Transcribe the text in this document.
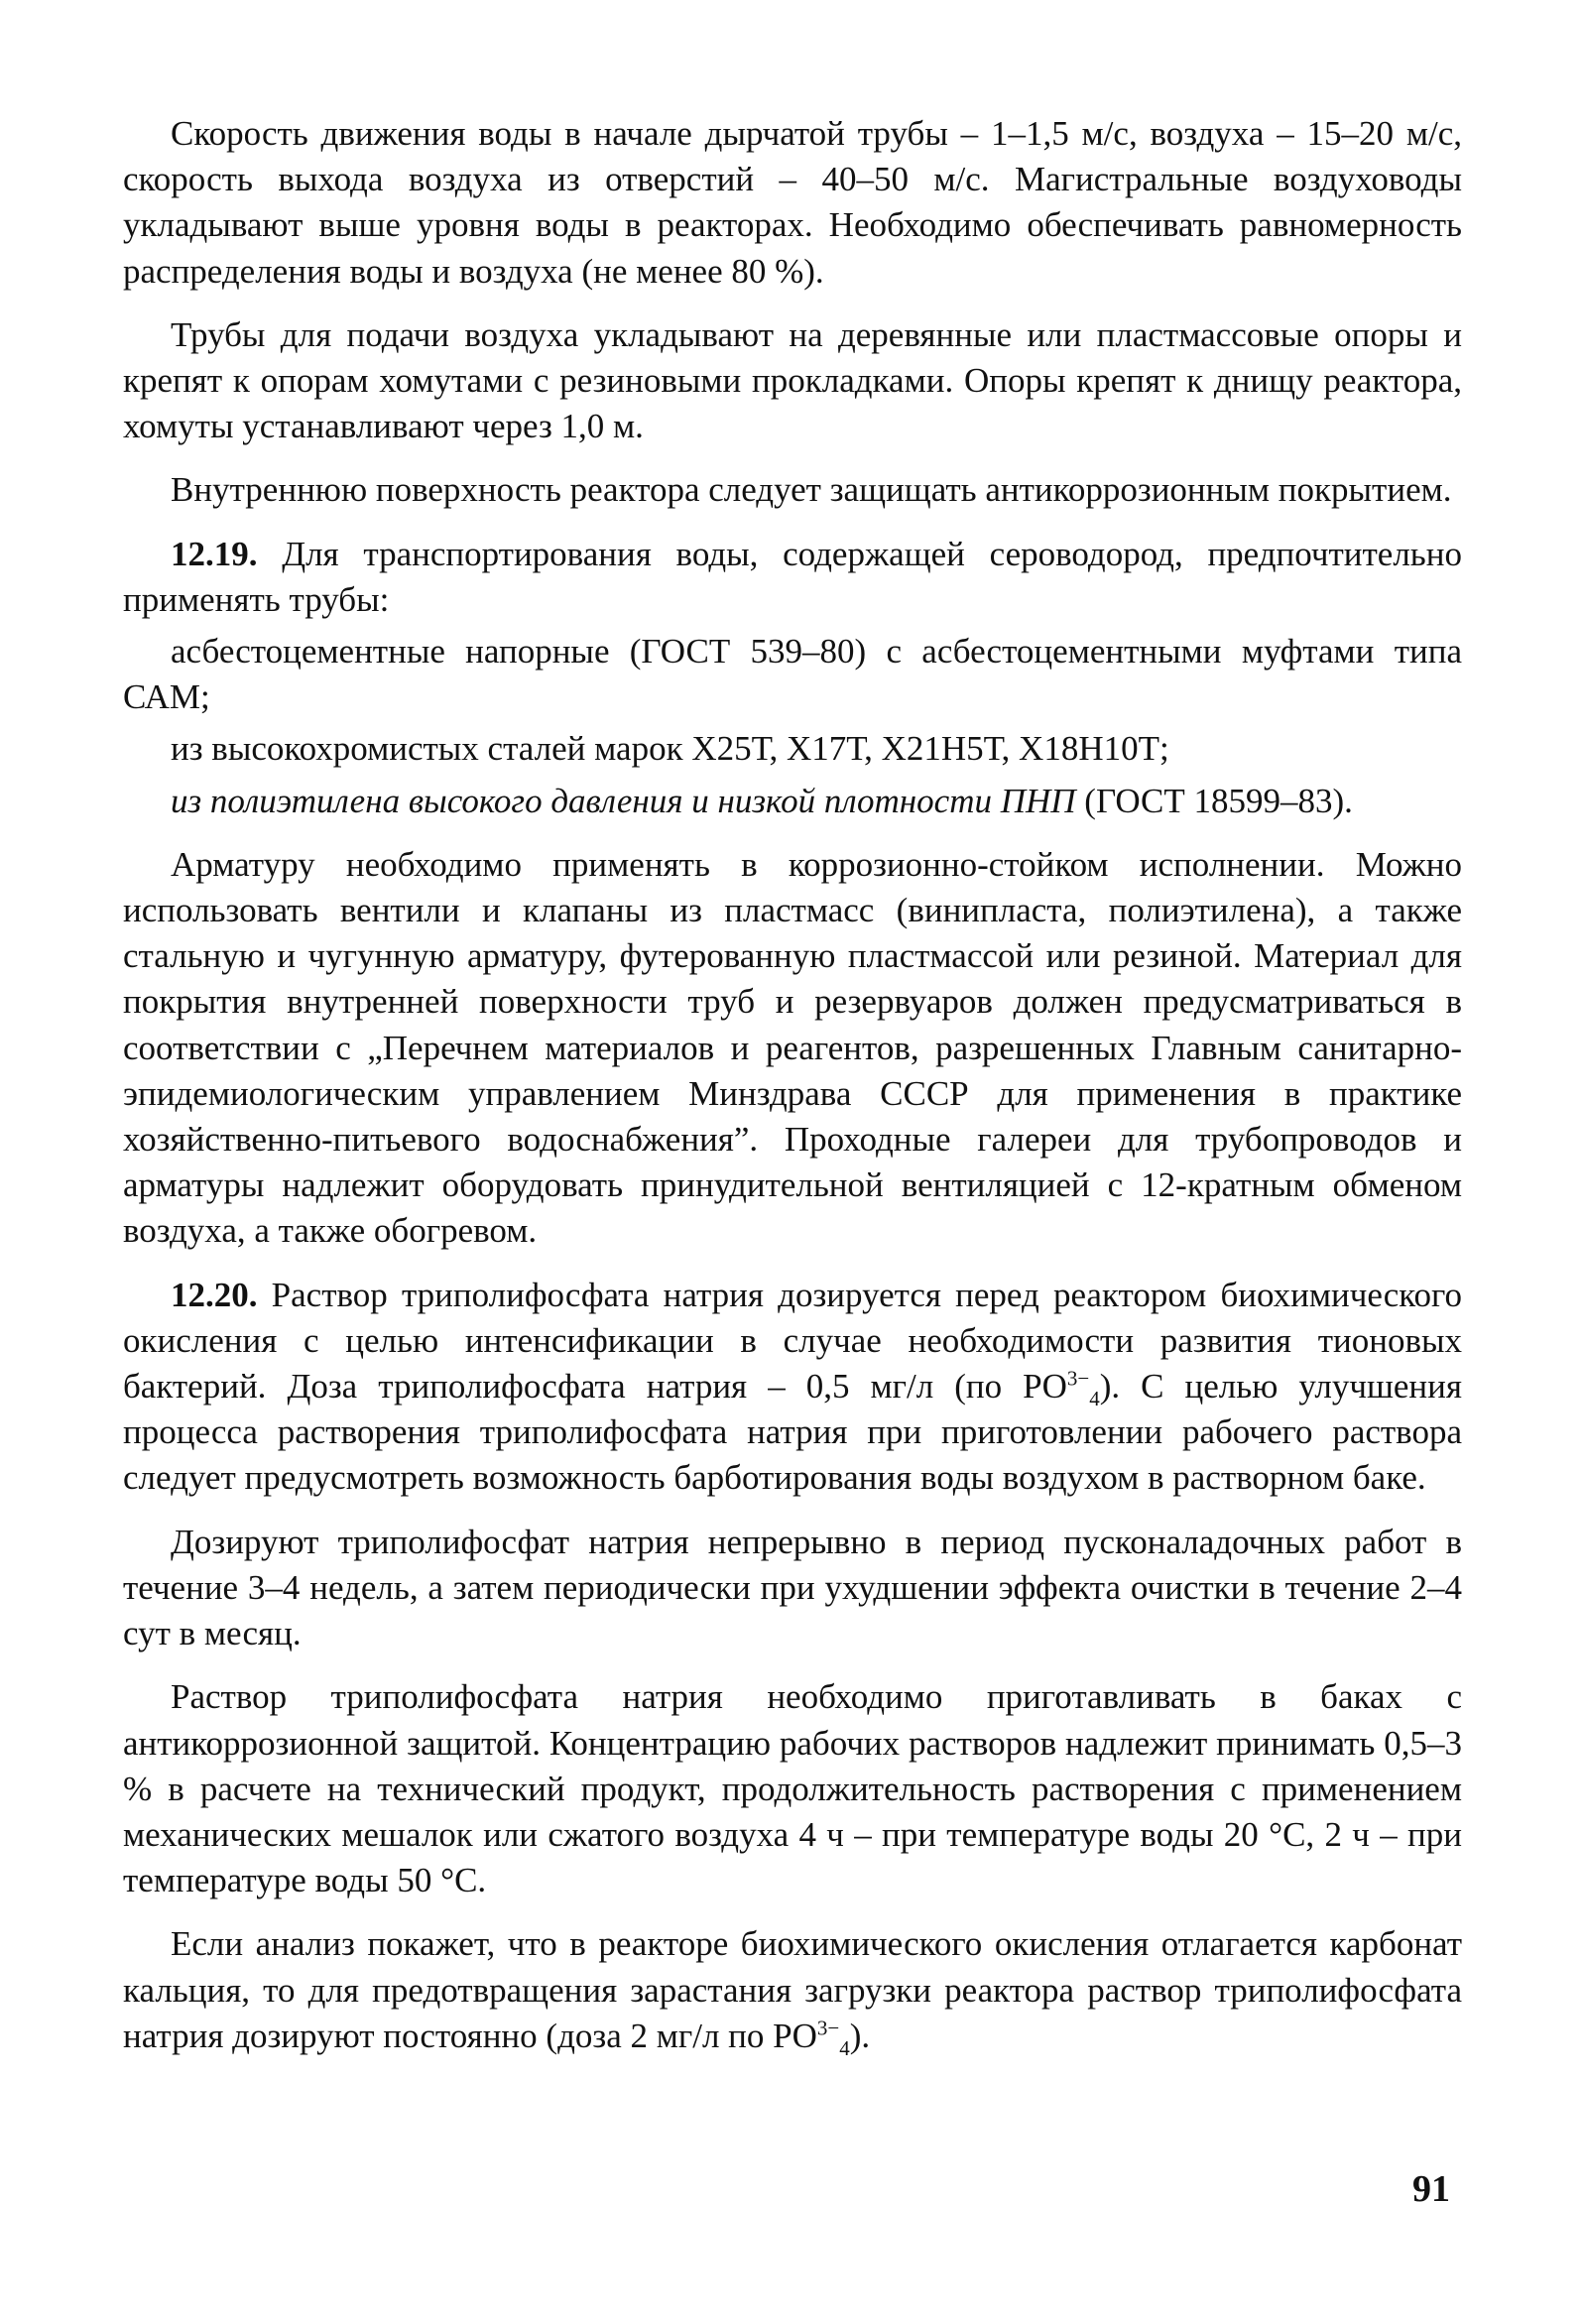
Скорость движения воды в начале дырчатой трубы – 1–1,5 м/с, воздуха – 15–20 м/с, скорость выхода воздуха из отверстий – 40–50 м/с. Магистральные воздуховоды укладывают выше уровня воды в реакторах. Необходимо обеспечивать равномерность распределения воды и воздуха (не менее 80 %).

Трубы для подачи воздуха укладывают на деревянные или пластмассовые опоры и крепят к опорам хомутами с резиновыми прокладками. Опоры крепят к днищу реактора, хомуты устанавливают через 1,0 м.

Внутреннюю поверхность реактора следует защищать антикоррозионным покрытием.

12.19. Для транспортирования воды, содержащей сероводород, предпочтительно применять трубы:

асбестоцементные напорные (ГОСТ 539–80) с асбестоцементными муфтами типа САМ;

из высокохромистых сталей марок Х25Т, Х17Т, Х21Н5Т, Х18Н10Т;

из полиэтилена высокого давления и низкой плотности ПНП (ГОСТ 18599–83).

Арматуру необходимо применять в коррозионно-стойком исполнении. Можно использовать вентили и клапаны из пластмасс (винипласта, полиэтилена), а также стальную и чугунную арматуру, футерованную пластмассой или резиной. Материал для покрытия внутренней поверхности труб и резервуаров должен предусматриваться в соответствии с „Перечнем материалов и реагентов, разрешенных Главным санитарно-эпидемиологическим управлением Минздрава СССР для применения в практике хозяйственно-питьевого водоснабжения”. Проходные галереи для трубопроводов и арматуры надлежит оборудовать принудительной вентиляцией с 12-кратным обменом воздуха, а также обогревом.

12.20. Раствор триполифосфата натрия дозируется перед реактором биохимического окисления с целью интенсификации в случае необходимости развития тионовых бактерий. Доза триполифосфата натрия – 0,5 мг/л (по $PO^{3-}_4$). С целью улучшения процесса растворения триполифосфата натрия при приготовлении рабочего раствора следует предусмотреть возможность барботирования воды воздухом в растворном баке.

Дозируют триполифосфат натрия непрерывно в период пусконаладочных работ в течение 3–4 недель, а затем периодически при ухудшении эффекта очистки в течение 2–4 сут в месяц.

Раствор триполифосфата натрия необходимо приготавливать в баках с антикоррозионной защитой. Концентрацию рабочих растворов надлежит принимать 0,5–3 % в расчете на технический продукт, продолжительность растворения с применением механических мешалок или сжатого воздуха 4 ч – при температуре воды 20 °С, 2 ч – при температуре воды 50 °С.

Если анализ покажет, что в реакторе биохимического окисления отлагается карбонат кальция, то для предотвращения зарастания загрузки реактора раствор триполифосфата натрия дозируют постоянно (доза 2 мг/л по $PO^{3-}_4$).

91
